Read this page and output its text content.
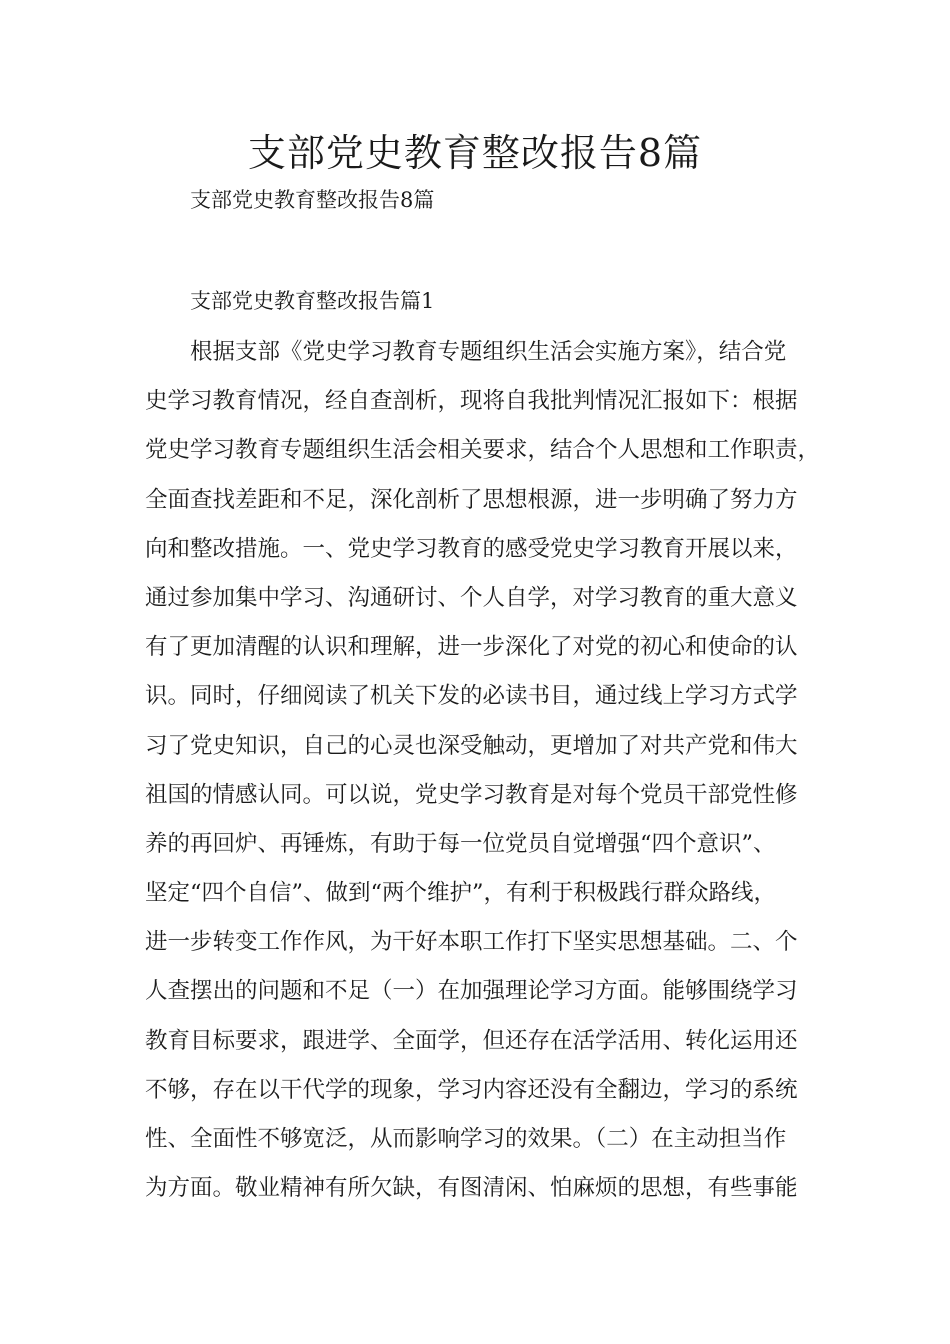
支部党史教育整改报告8篇

支部党史教育整改报告8篇

支部党史教育整改报告篇1

　　根据支部《党史学习教育专题组织生活会实施方案》，结合党
史学习教育情况，经自查剖析，现将自我批判情况汇报如下：根据
党史学习教育专题组织生活会相关要求，结合个人思想和工作职责，
全面查找差距和不足，深化剖析了思想根源，进一步明确了努力方
向和整改措施。一、党史学习教育的感受党史学习教育开展以来，
通过参加集中学习、沟通研讨、个人自学，对学习教育的重大意义
有了更加清醒的认识和理解，进一步深化了对党的初心和使命的认
识。同时，仔细阅读了机关下发的必读书目，通过线上学习方式学
习了党史知识，自己的心灵也深受触动，更增加了对共产党和伟大
祖国的情感认同。可以说，党史学习教育是对每个党员干部党性修
养的再回炉、再锤炼，有助于每一位党员自觉增强“四个意识”、
坚定“四个自信”、做到“两个维护”，有利于积极践行群众路线，
进一步转变工作作风，为干好本职工作打下坚实思想基础。二、个
人查摆出的问题和不足（一）在加强理论学习方面。能够围绕学习
教育目标要求，跟进学、全面学，但还存在活学活用、转化运用还
不够，存在以干代学的现象，学习内容还没有全翻边，学习的系统
性、全面性不够宽泛，从而影响学习的效果。（二）在主动担当作
为方面。敬业精神有所欠缺，有图清闲、怕麻烦的思想，有些事能
